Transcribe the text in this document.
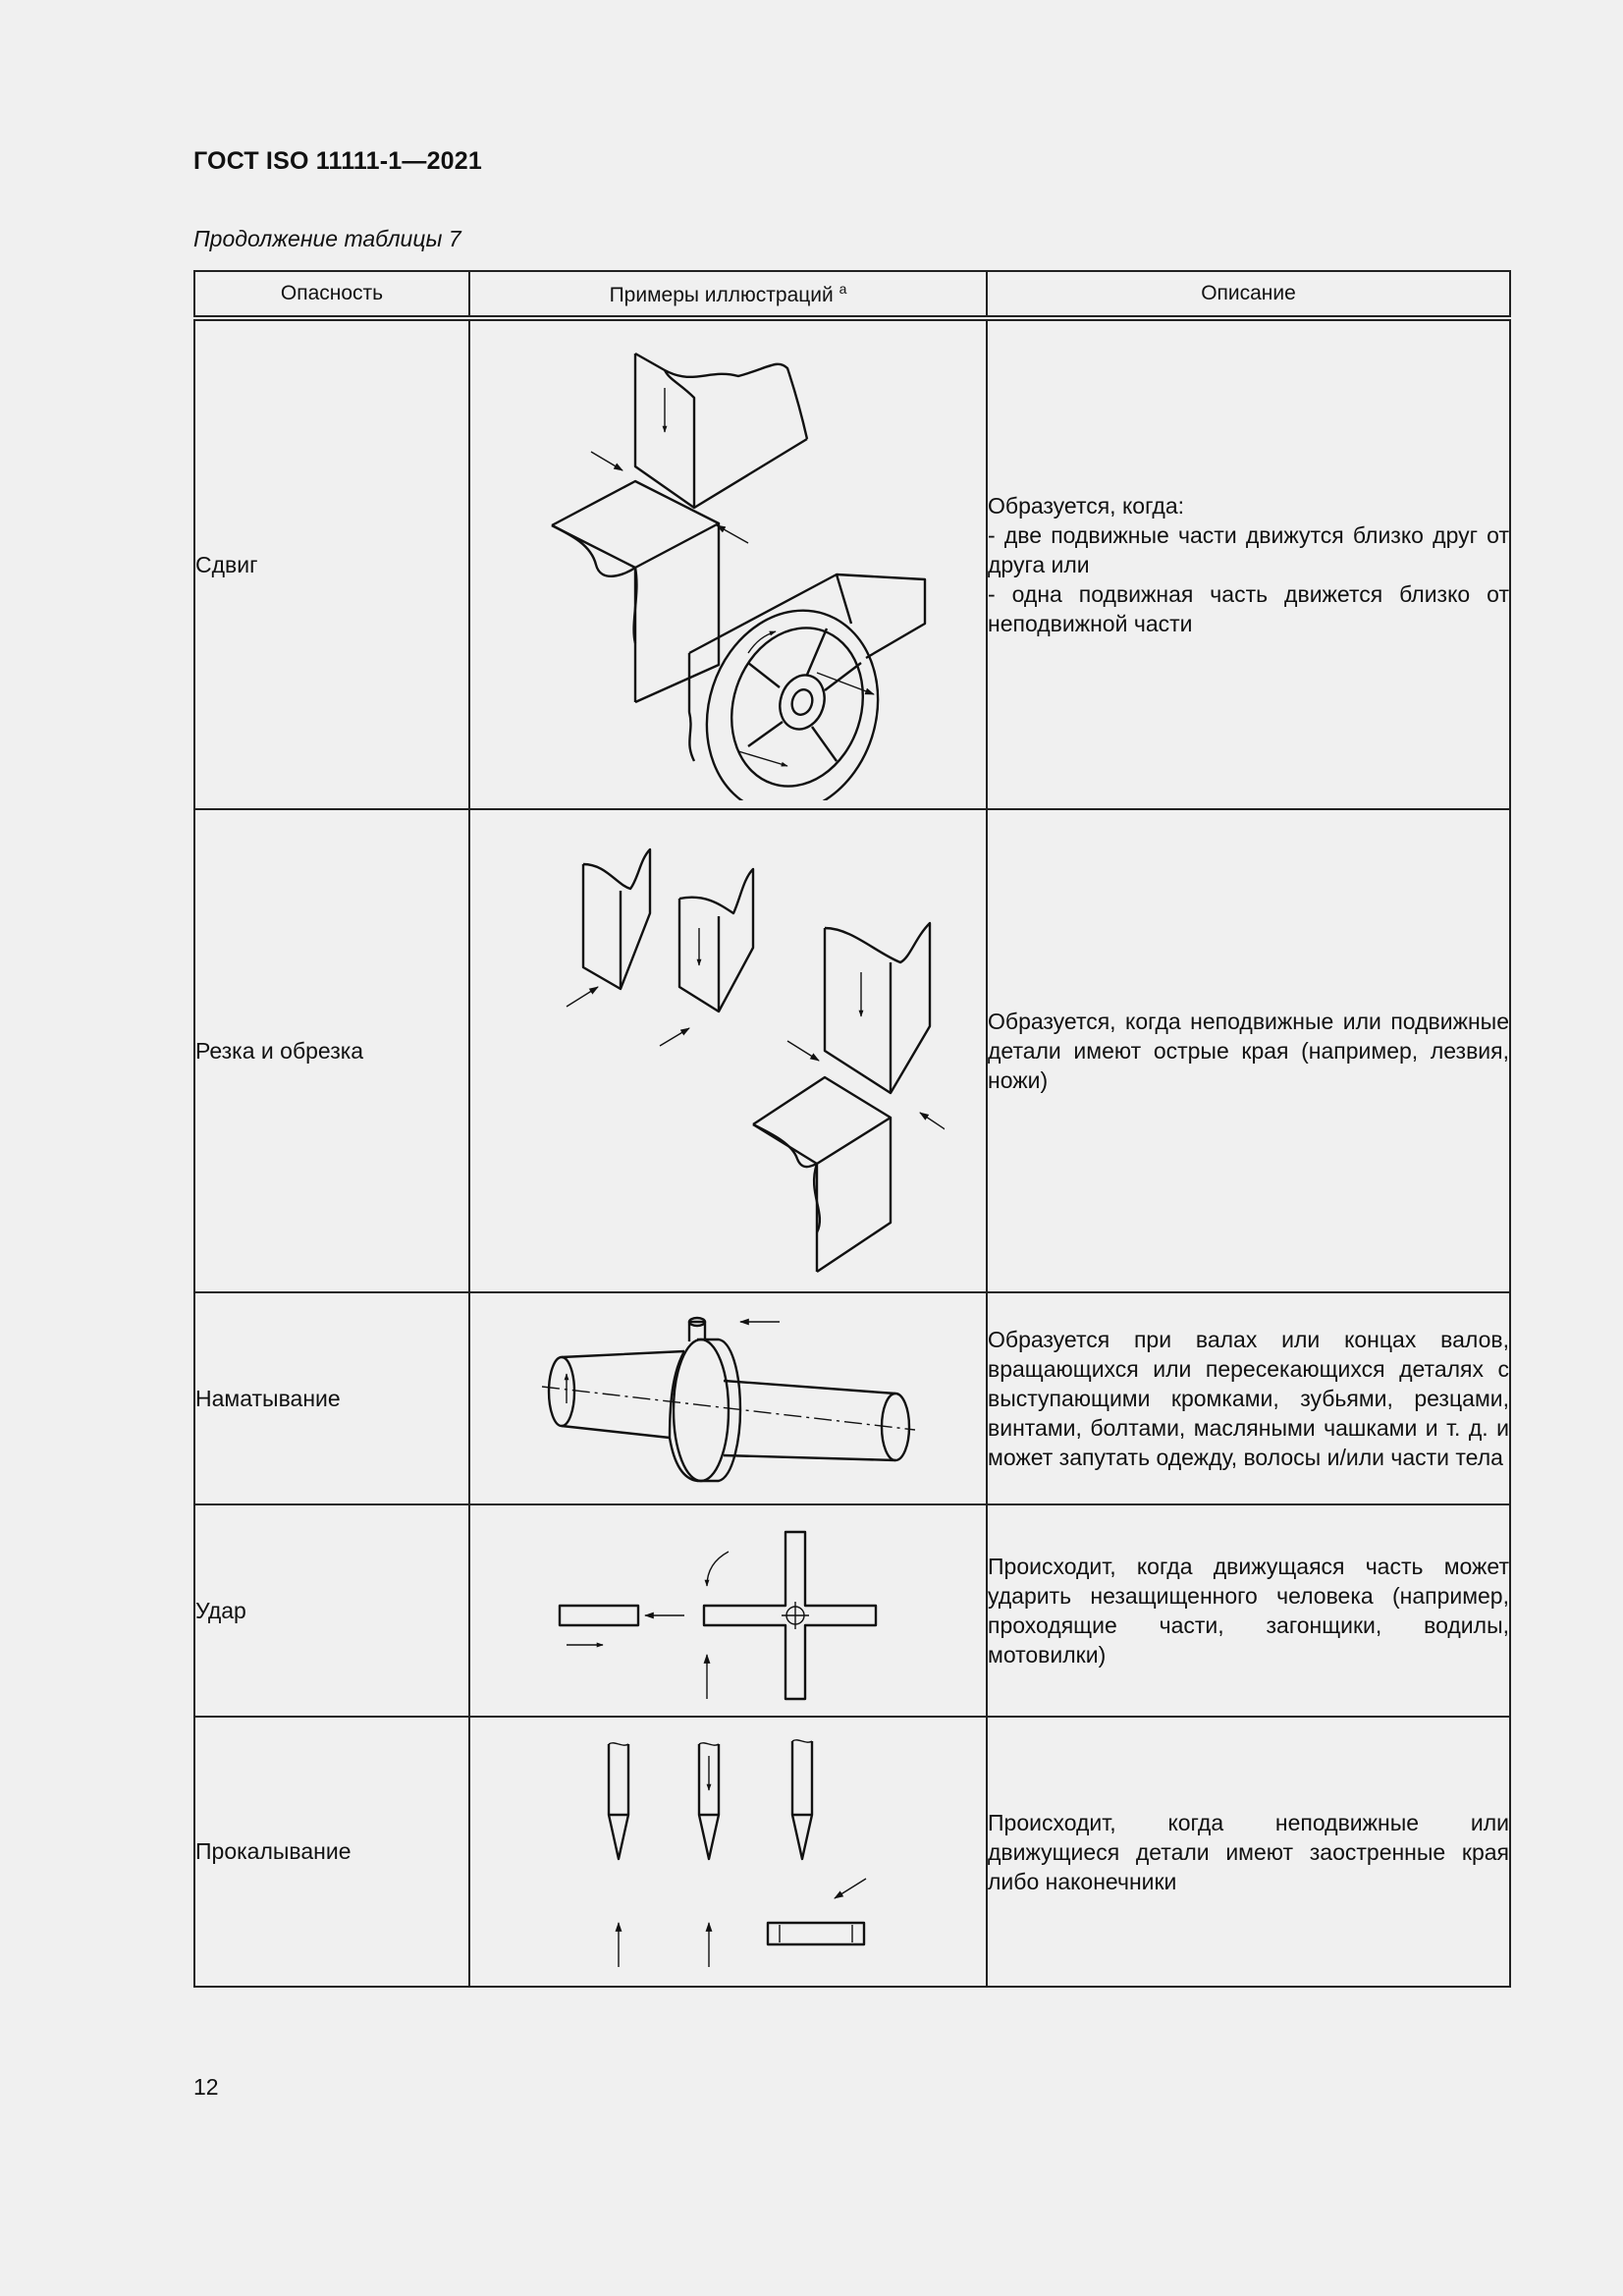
ГОСТ ISO 11111-1—2021
Продолжение таблицы 7
Опасность	Примеры иллюстраций $^a$	Описание
Сдвиг		Образуется, когда:
- две подвижные части движутся близко друг от друга или
- одна подвижная часть движется близко от неподвижной части

Резка и обрезка		Образуется, когда неподвижные или подвижные детали имеют острые края (например, лезвия, ножи)

Наматывание		Образуется при валах или концах валов, вращающихся или пересекающихся деталях с выступающими кромками, зубьями, резцами, винтами, болтами, масляными чашками и т. д. и может запутать одежду, волосы и/или части тела

Удар		Происходит, когда движущаяся часть может ударить незащищенного человека (например, проходящие части, загонщики, водилы, мотовилки)

Прокалывание		Происходит, когда неподвижные или движущиеся детали имеют заостренные края либо наконечники
12
